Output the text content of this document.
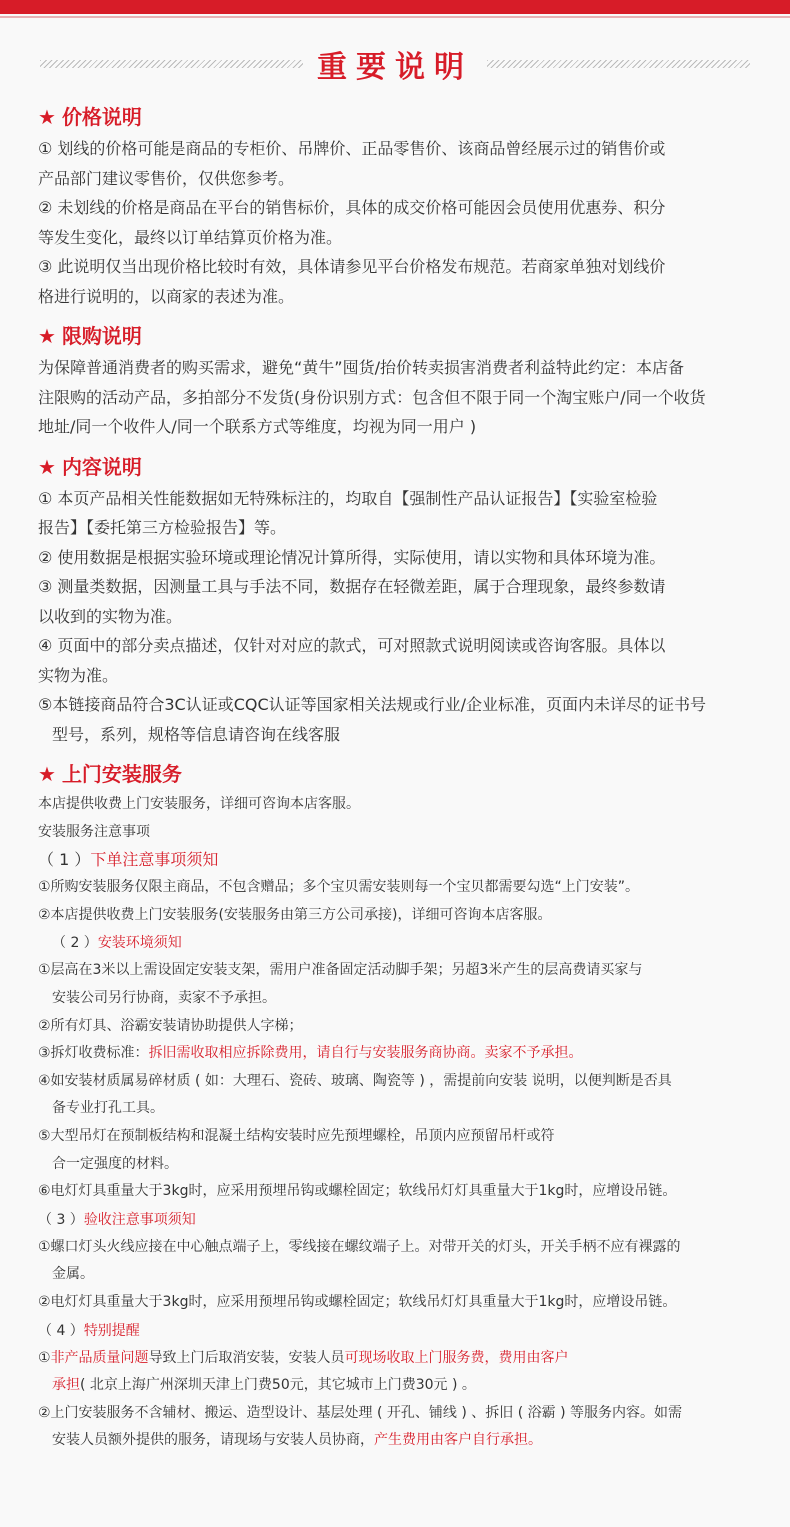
重要说明
★ 价格说明
① 划线的价格可能是商品的专柜价、吊牌价、正品零售价、该商品曾经展示过的销售价或
产品部门建议零售价，仅供您参考。
② 未划线的价格是商品在平台的销售标价，具体的成交价格可能因会员使用优惠券、积分
等发生变化，最终以订单结算页价格为准。
③ 此说明仅当出现价格比较时有效，具体请参见平台价格发布规范。若商家单独对划线价
格进行说明的，以商家的表述为准。
★ 限购说明
为保障普通消费者的购买需求，避免“黄牛”囤货/抬价转卖损害消费者利益特此约定：本店备
注限购的活动产品，多拍部分不发货(身份识别方式：包含但不限于同一个淘宝账户/同一个收货
地址/同一个收件人/同一个联系方式等维度，均视为同一用户 )
★ 内容说明
① 本页产品相关性能数据如无特殊标注的，均取自【强制性产品认证报告】【实验室检验
报告】【委托第三方检验报告】等。
② 使用数据是根据实验环境或理论情况计算所得，实际使用，请以实物和具体环境为准。
③ 测量类数据，因测量工具与手法不同，数据存在轻微差距，属于合理现象，最终参数请
以收到的实物为准。
④ 页面中的部分卖点描述，仅针对对应的款式，可对照款式说明阅读或咨询客服。具体以
实物为准。
⑤本链接商品符合3C认证或CQC认证等国家相关法规或行业/企业标准，页面内未详尽的证书号
型号，系列，规格等信息请咨询在线客服
★ 上门安装服务
本店提供收费上门安装服务，详细可咨询本店客服。
安装服务注意事项
（ 1 ）下单注意事项须知
①所购安装服务仅限主商品，不包含赠品；多个宝贝需安装则每一个宝贝都需要勾选“上门安装”。
②本店提供收费上门安装服务(安装服务由第三方公司承接)，详细可咨询本店客服。
（ 2 ）安装环境须知
①层高在3米以上需设固定安装支架，需用户准备固定活动脚手架；另超3米产生的层高费请买家与
安装公司另行协商，卖家不予承担。
②所有灯具、浴霸安装请协助提供人字梯；
③拆灯收费标准：拆旧需收取相应拆除费用，请自行与安装服务商协商。卖家不予承担。
④如安装材质属易碎材质 ( 如：大理石、瓷砖、玻璃、陶瓷等 ) ，需提前向安装 说明，以便判断是否具
备专业打孔工具。
⑤大型吊灯在预制板结构和混凝土结构安装时应先预埋螺栓，吊顶内应预留吊杆或符
合一定强度的材料。
⑥电灯灯具重量大于3kg时，应采用预埋吊钩或螺栓固定；软线吊灯灯具重量大于1kg时，应增设吊链。
（ 3 ）验收注意事项须知
①螺口灯头火线应接在中心触点端子上，零线接在螺纹端子上。对带开关的灯头，开关手柄不应有裸露的
金属。
②电灯灯具重量大于3kg时，应采用预埋吊钩或螺栓固定；软线吊灯灯具重量大于1kg时，应增设吊链。
（ 4 ）特别提醒
①非产品质量问题导致上门后取消安装，安装人员可现场收取上门服务费，费用由客户
承担( 北京上海广州深圳天津上门费50元，其它城市上门费30元 ) 。
②上门安装服务不含辅材、搬运、造型设计、基层处理 ( 开孔、铺线 ) 、拆旧 ( 浴霸 ) 等服务内容。如需
安装人员额外提供的服务，请现场与安装人员协商，产生费用由客户自行承担。
